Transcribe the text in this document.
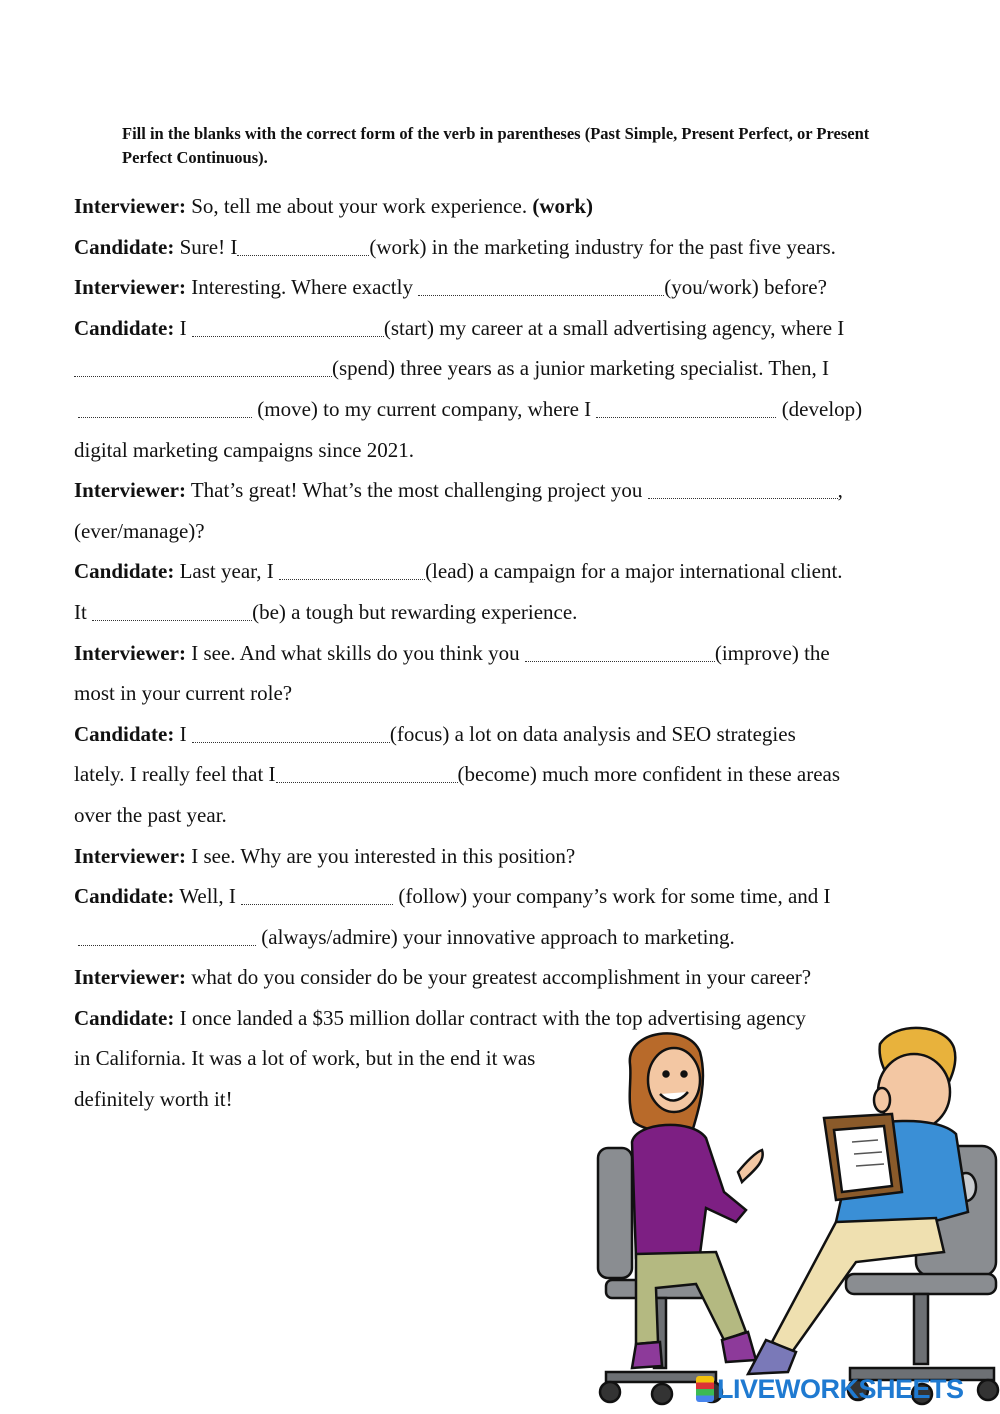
Fill in the blanks with the correct form of the verb in parentheses (Past Simple, Present Perfect, or Present Perfect Continuous).
Interviewer: So, tell me about your work experience. (work)
Candidate: Sure! I	(work) in the marketing industry for the past five years.
Interviewer: Interesting. Where exactly	(you/work) before?
Candidate: I	(start) my career at a small advertising agency, where I
(spend) three years as a junior marketing specialist. Then, I
(move) to my current company, where I	(develop)
digital marketing campaigns since 2021.
Interviewer: That’s great! What’s the most challenging project you	,
(ever/manage)?
Candidate: Last year, I	(lead) a campaign for a major international client.
It	(be) a tough but rewarding experience.
Interviewer: I see. And what skills do you think you	(improve) the
most in your current role?
Candidate: I	(focus) a lot on data analysis and SEO strategies
lately. I really feel that I	(become) much more confident in these areas
over the past year.
Interviewer: I see. Why are you interested in this position?
Candidate: Well, I	(follow) your company’s work for some time, and I
(always/admire) your innovative approach to marketing.
Interviewer: what do you consider do be your greatest accomplishment in your career?
Candidate: I once landed a $35 million dollar contract with the top advertising agency
in California. It was a lot of work, but in the end it was
definitely worth it!
LIVEWORKSHEETS
